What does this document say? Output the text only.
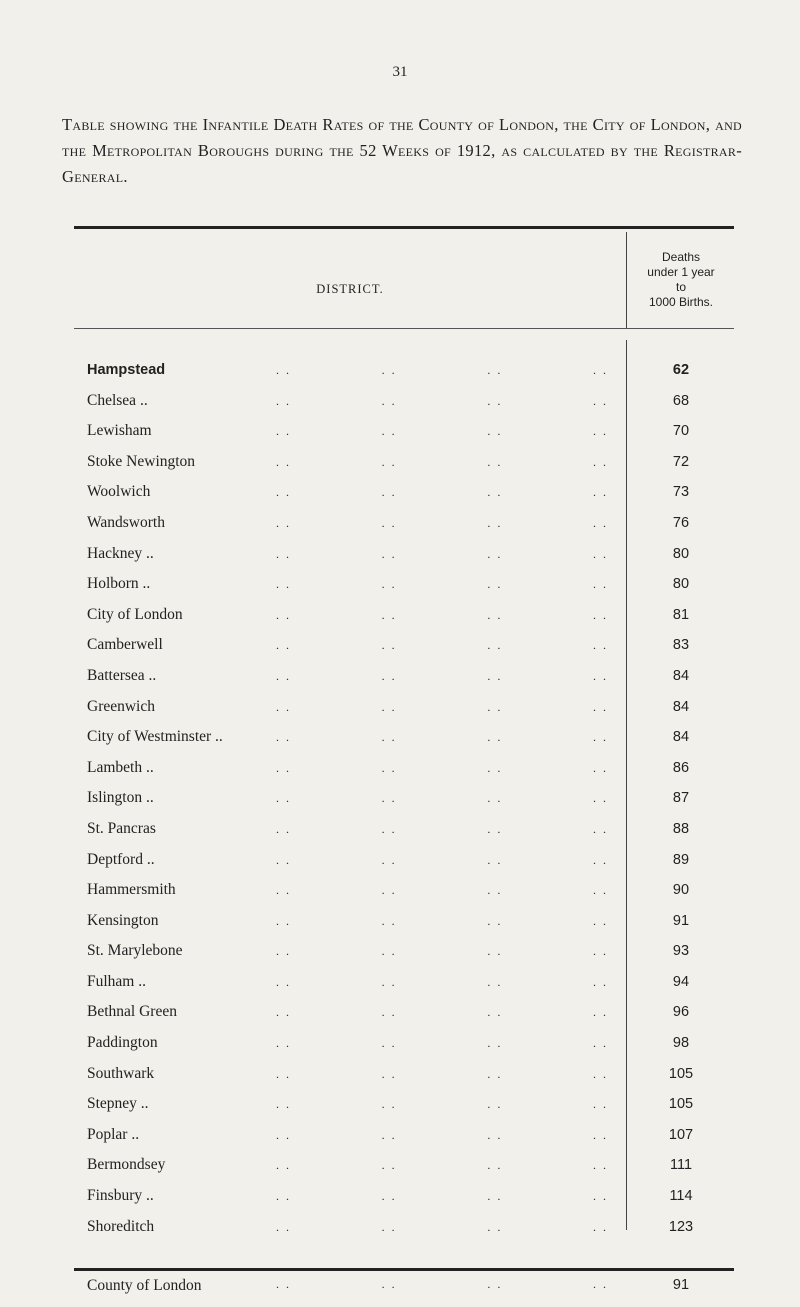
31
Table showing the Infantile Death Rates of the County of London, the City of London, and the Metropolitan Boroughs during the 52 Weeks of 1912, as calculated by the Registrar-General.
DISTRICT.
Deaths
under 1 year
to
1000 Births.
Hampstead	. .	. .	. .	. .	62
Chelsea ..	. .	. .	. .	. .	68
Lewisham	. .	. .	. .	. .	70
Stoke Newington	. .	. .	. .	. .	72
Woolwich	. .	. .	. .	. .	73
Wandsworth	. .	. .	. .	. .	76
Hackney ..	. .	. .	. .	. .	80
Holborn ..	. .	. .	. .	. .	80
City of London	. .	. .	. .	. .	81
Camberwell	. .	. .	. .	. .	83
Battersea ..	. .	. .	. .	. .	84
Greenwich	. .	. .	. .	. .	84
City of Westminster ..	. .	. .	. .	. .	84
Lambeth ..	. .	. .	. .	. .	86
Islington ..	. .	. .	. .	. .	87
St. Pancras	. .	. .	. .	. .	88
Deptford ..	. .	. .	. .	. .	89
Hammersmith	. .	. .	. .	. .	90
Kensington	. .	. .	. .	. .	91
St. Marylebone	. .	. .	. .	. .	93
Fulham ..	. .	. .	. .	. .	94
Bethnal Green	. .	. .	. .	. .	96
Paddington	. .	. .	. .	. .	98
Southwark	. .	. .	. .	. .	105
Stepney ..	. .	. .	. .	. .	105
Poplar ..	. .	. .	. .	. .	107
Bermondsey	. .	. .	. .	. .	111
Finsbury ..	. .	. .	. .	. .	114
Shoreditch	. .	. .	. .	. .	123
County of London	. .	. .	. .	. .	91
